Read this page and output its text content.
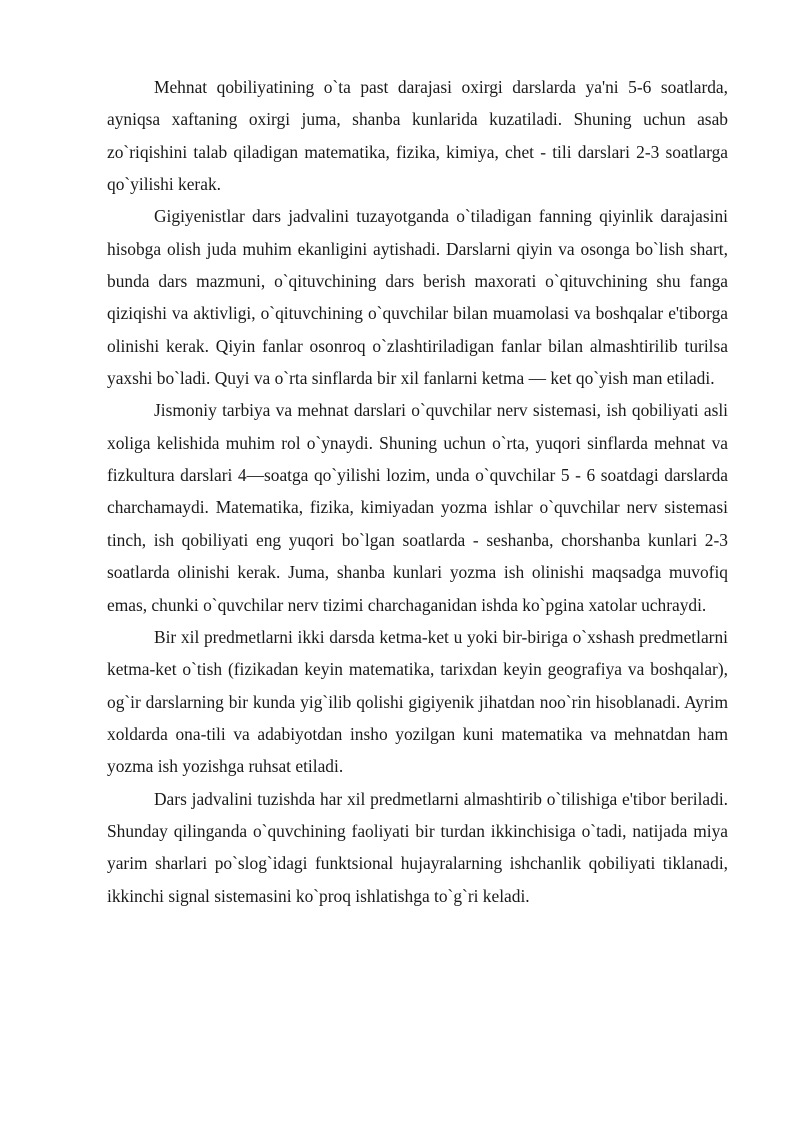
Mehnat qobiliyatining o`ta past darajasi oxirgi darslarda ya'ni 5-6 soatlarda, ayniqsa xaftaning oxirgi juma, shanba kunlarida kuzatiladi. Shuning uchun asab zo`riqishini talab qiladigan matematika, fizika, kimiya, chet - tili darslari 2-3 soatlarga qo`yilishi kerak.

Gigiyenistlar dars jadvalini tuzayotganda o`tiladigan fanning qiyinlik darajasini hisobga olish juda muhim ekanligini aytishadi. Darslarni qiyin va osonga bo`lish shart, bunda dars mazmuni, o`qituvchining dars berish maxorati o`qituvchining shu fanga qiziqishi va aktivligi, o`qituvchining o`quvchilar bilan muamolasi va boshqalar e'tiborga olinishi kerak. Qiyin fanlar osonroq o`zlashtiriladigan fanlar bilan almashtirilib turilsa yaxshi bo`ladi. Quyi va o`rta sinflarda bir xil fanlarni ketma — ket qo`yish man etiladi.

Jismoniy tarbiya va mehnat darslari o`quvchilar nerv sistemasi, ish qobiliyati asli xoliga kelishida muhim rol o`ynaydi. Shuning uchun o`rta, yuqori sinflarda mehnat va fizkultura darslari 4—soatga qo`yilishi lozim, unda o`quvchilar 5 - 6 soatdagi darslarda charchamaydi. Matematika, fizika, kimiyadan yozma ishlar o`quvchilar nerv sistemasi tinch, ish qobiliyati eng yuqori bo`lgan soatlarda - seshanba, chorshanba kunlari 2-3 soatlarda olinishi kerak. Juma, shanba kunlari yozma ish olinishi maqsadga muvofiq emas, chunki o`quvchilar nerv tizimi charchaganidan ishda ko`pgina xatolar uchraydi.

Bir xil predmetlarni ikki darsda ketma-ket u yoki bir-biriga o`xshash predmetlarni ketma-ket o`tish (fizikadan keyin matematika, tarixdan keyin geografiya va boshqalar), og`ir darslarning bir kunda yig`ilib qolishi gigiyenik jihatdan noo`rin hisoblanadi. Ayrim xoldarda ona-tili va adabiyotdan insho yozilgan kuni matematika va mehnatdan ham yozma ish yozishga ruhsat etiladi.

Dars jadvalini tuzishda har xil predmetlarni almashtirib o`tilishiga e'tibor beriladi. Shunday qilinganda o`quvchining faoliyati bir turdan ikkinchisiga o`tadi, natijada miya yarim sharlari po`slog`idagi funktsional hujayralarning ishchanlik qobiliyati tiklanadi, ikkinchi signal sistemasini ko`proq ishlatishga to`g`ri keladi.
